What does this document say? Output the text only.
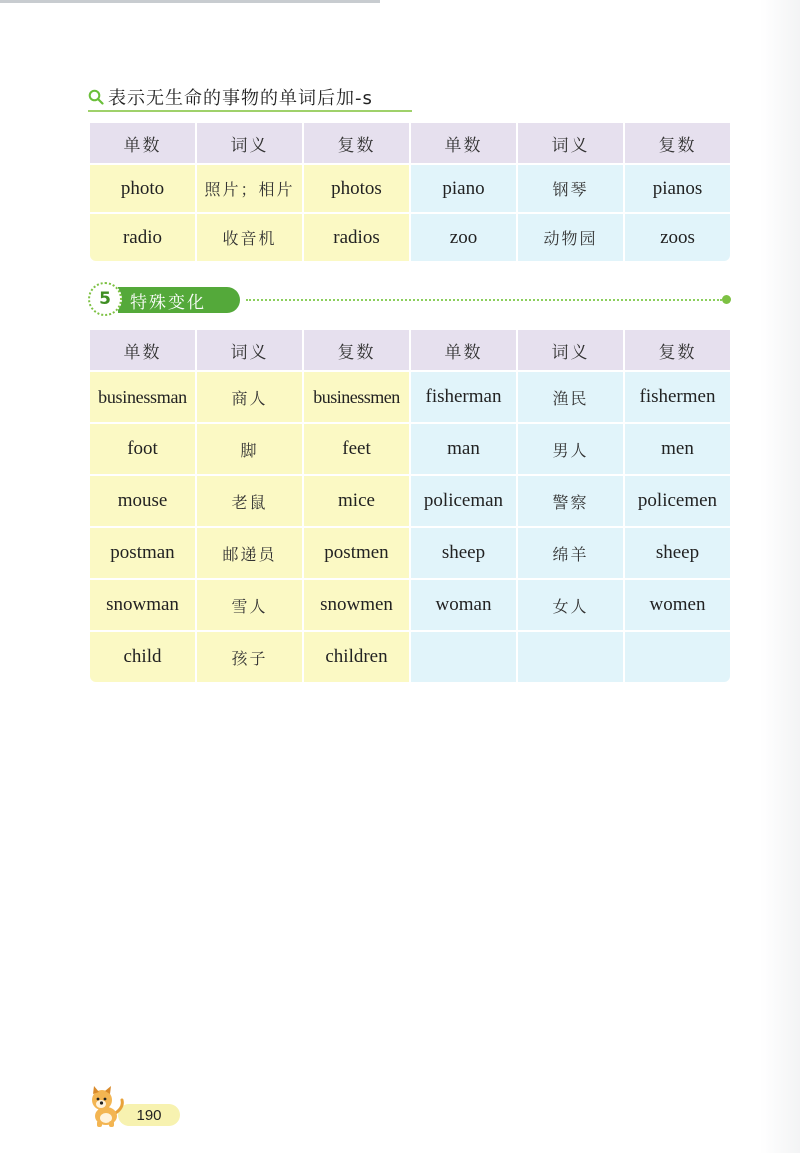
表示无生命的事物的单词后加-s
单数	词义	复数	单数	词义	复数
photo	照片；相片	photos	piano	钢琴	pianos
radio	收音机	radios	zoo	动物园	zoos
特殊变化
5
单数	词义	复数	单数	词义	复数
businessman	商人	businessmen	fisherman	渔民	fishermen
foot	脚	feet	man	男人	men
mouse	老鼠	mice	policeman	警察	policemen
postman	邮递员	postmen	sheep	绵羊	sheep
snowman	雪人	snowmen	woman	女人	women
child	孩子	children			
190
